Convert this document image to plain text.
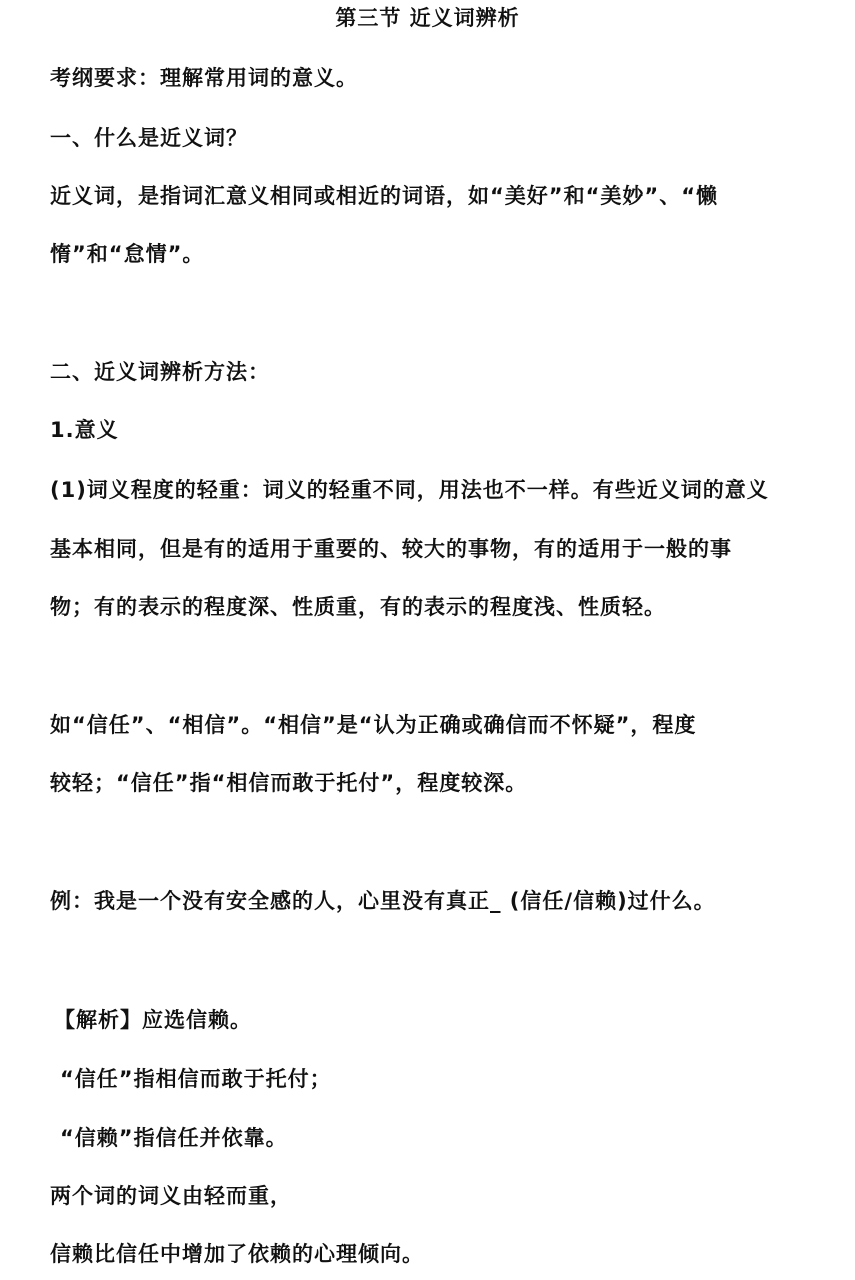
第三节 近义词辨析
考纲要求：理解常用词的意义。
一、什么是近义词？
近义词，是指词汇意义相同或相近的词语，如“美好”和“美妙”、“懒
惰”和“怠情”。
二、近义词辨析方法：
1.意义
(1)词义程度的轻重：词义的轻重不同，用法也不一样。有些近义词的意义
基本相同，但是有的适用于重要的、较大的事物，有的适用于一般的事
物；有的表示的程度深、性质重，有的表示的程度浅、性质轻。
如“信任”、“相信”。“相信”是“认为正确或确信而不怀疑”，程度
较轻；“信任”指“相信而敢于托付”，程度较深。
例：我是一个没有安全感的人，心里没有真正_ (信任/信赖)过什么。
【解析】应选信赖。
“信任”指相信而敢于托付；
“信赖”指信任并依靠。
两个词的词义由轻而重，
信赖比信任中增加了依赖的心理倾向。
